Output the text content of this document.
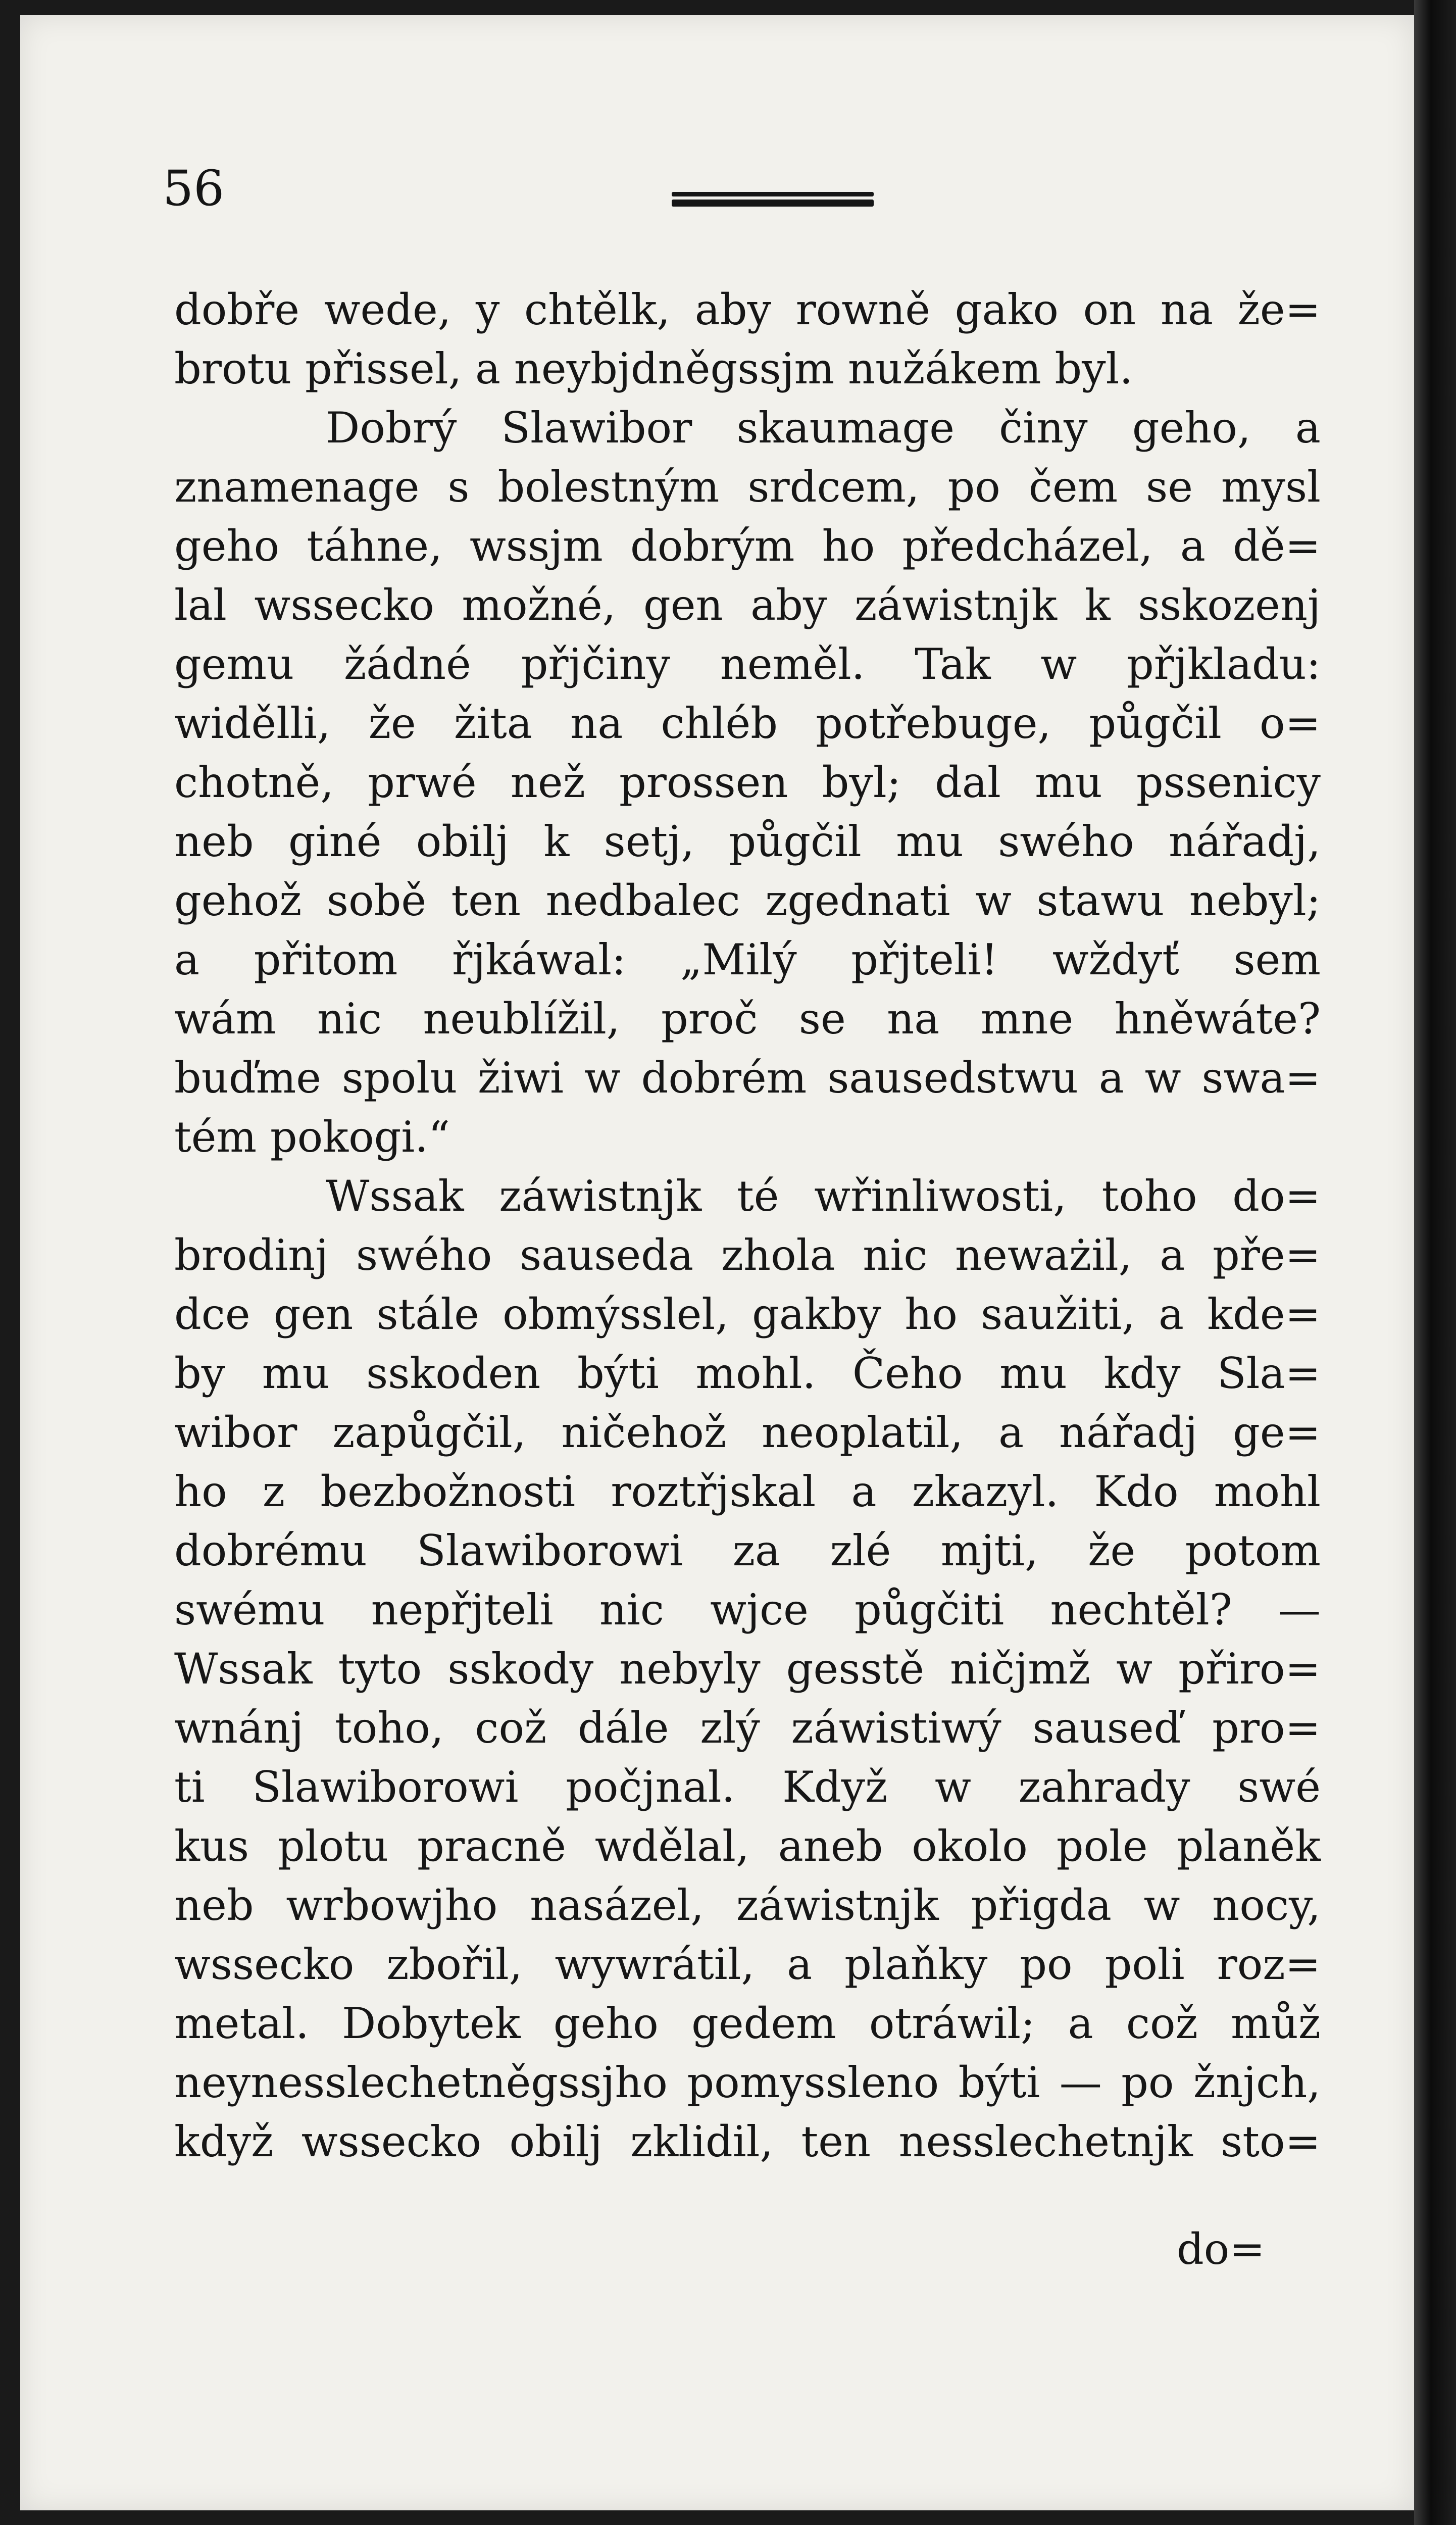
56
dobře wede, y chtělk, aby rowně gako on na že=
brotu přissel, a neybjdněgssjm nužákem byl.
Dobrý Slawibor skaumage činy geho, a
znamenage s bolestným srdcem, po čem se mysl
geho táhne, wssjm dobrým ho předcházel, a dě=
lal wssecko možné, gen aby záwistnjk k sskozenj
gemu žádné přjčiny neměl. Tak w přjkladu:
widělli, že žita na chléb potřebuge, půgčil o=
chotně, prwé než prossen byl; dal mu pssenicy
neb giné obilj k setj, půgčil mu swého nářadj,
gehož sobě ten nedbalec zgednati w stawu nebyl;
a přitom řjkáwal: „Milý přjteli! wždyť sem
wám nic neublížil, proč se na mne hněwáte?
buďme spolu žiwi w dobrém sausedstwu a w swa=
tém pokogi.“
Wssak záwistnjk té wřinliwosti, toho do=
brodinj swého sauseda zhola nic neważil, a pře=
dce gen stále obmýsslel, gakby ho saužiti, a kde=
by mu sskoden býti mohl. Čeho mu kdy Sla=
wibor zapůgčil, ničehož neoplatil, a nářadj ge=
ho z bezbožnosti roztřjskal a zkazyl. Kdo mohl
dobrému Slawiborowi za zlé mjti, že potom
swému nepřjteli nic wjce půgčiti nechtěl? —
Wssak tyto sskody nebyly gesstě ničjmž w přiro=
wnánj toho, což dále zlý záwistiwý sauseď pro=
ti Slawiborowi počjnal. Když w zahrady swé
kus plotu pracně wdělal, aneb okolo pole planěk
neb wrbowjho nasázel, záwistnjk přigda w nocy,
wssecko zbořil, wywrátil, a plaňky po poli roz=
metal. Dobytek geho gedem otráwil; a což můž
neynesslechetněgssjho pomyssleno býti — po žnjch,
když wssecko obilj zklidil, ten nesslechetnjk sto=
do=
